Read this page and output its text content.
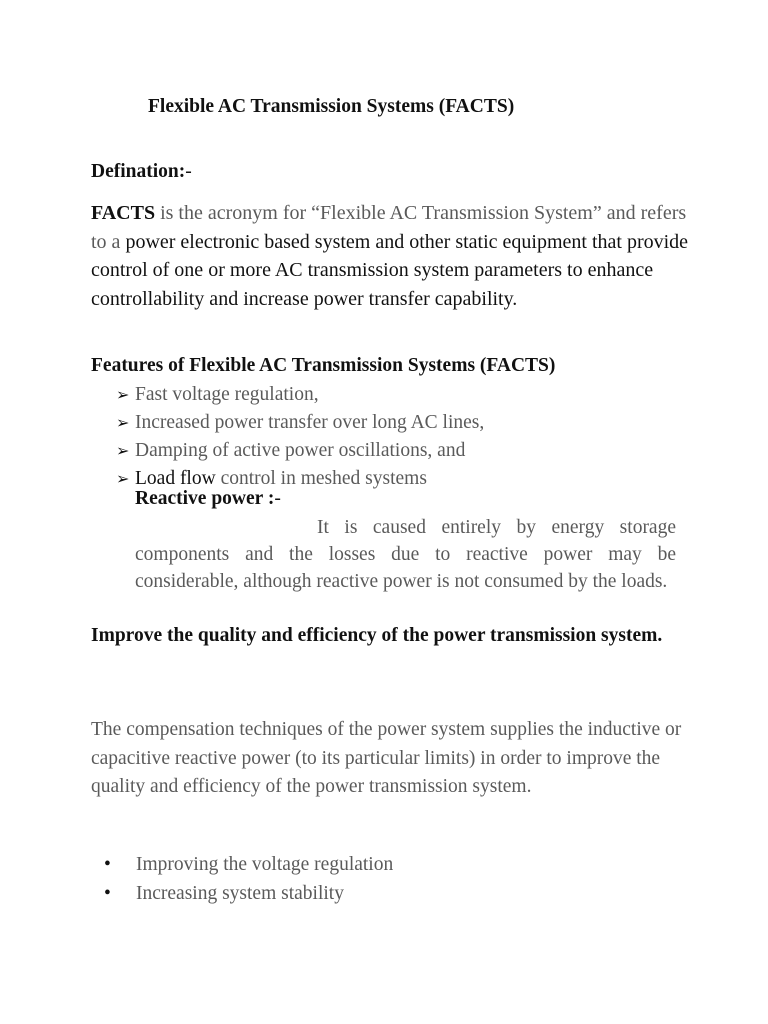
Flexible AC Transmission Systems (FACTS)
Defination:-

FACTS is the acronym for “Flexible AC Transmission System” and refers to a power electronic based system and other static equipment that provide control of one or more AC transmission system parameters to enhance controllability and increase power transfer capability.

Features of Flexible AC Transmission Systems (FACTS)
➢ Fast voltage regulation,
➢ Increased power transfer over long AC lines,
➢ Damping of active power oscillations, and
➢ Load flow control in meshed systems
Reactive power :-

It is caused entirely by energy storage components and the losses due to reactive power may be considerable, although reactive power is not consumed by the loads.

Improve the quality and efficiency of the power transmission system.

The compensation techniques of the power system supplies the inductive or capacitive reactive power (to its particular limits) in order to improve the quality and efficiency of the power transmission system.

• Improving the voltage regulation
• Increasing system stability
